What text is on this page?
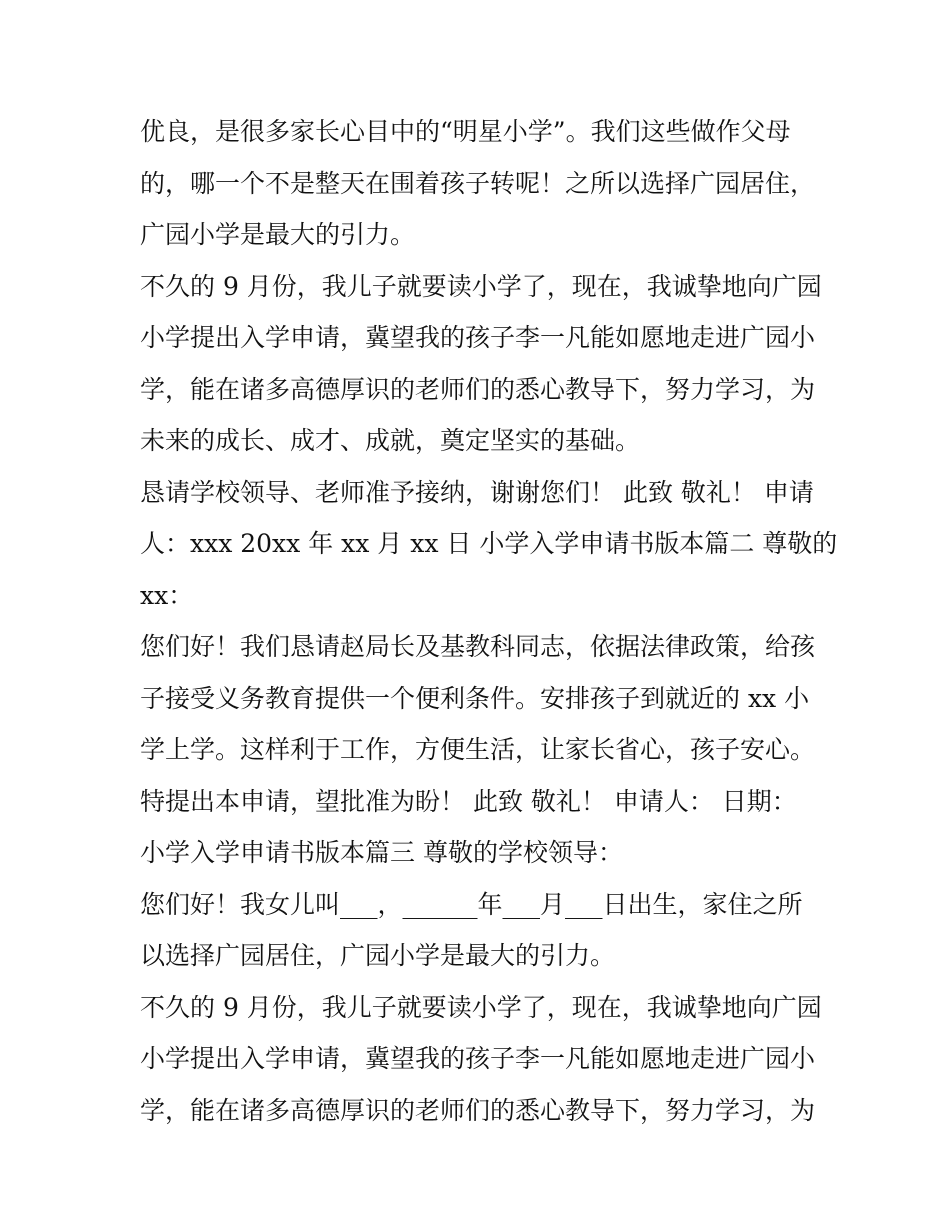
优良，是很多家长心目中的“明星小学”。我们这些做作父母
的，哪一个不是整天在围着孩子转呢！之所以选择广园居住，
广园小学是最大的引力。
不久的 9 月份，我儿子就要读小学了，现在，我诚挚地向广园
小学提出入学申请，冀望我的孩子李一凡能如愿地走进广园小
学，能在诸多高德厚识的老师们的悉心教导下，努力学习，为
未来的成长、成才、成就，奠定坚实的基础。
恳请学校领导、老师准予接纳，谢谢您们！ 此致 敬礼！ 申请
人：xxx 20xx 年 xx 月 xx 日 小学入学申请书版本篇二 尊敬的
xx：
您们好！我们恳请赵局长及基教科同志，依据法律政策，给孩
子接受义务教育提供一个便利条件。安排孩子到就近的 xx 小
学上学。这样利于工作，方便生活，让家长省心，孩子安心。
特提出本申请，望批准为盼！ 此致 敬礼！ 申请人： 日期：
小学入学申请书版本篇三 尊敬的学校领导：
您们好！我女儿叫___，______年___月___日出生，家住之所
以选择广园居住，广园小学是最大的引力。
不久的 9 月份，我儿子就要读小学了，现在，我诚挚地向广园
小学提出入学申请，冀望我的孩子李一凡能如愿地走进广园小
学，能在诸多高德厚识的老师们的悉心教导下，努力学习，为
